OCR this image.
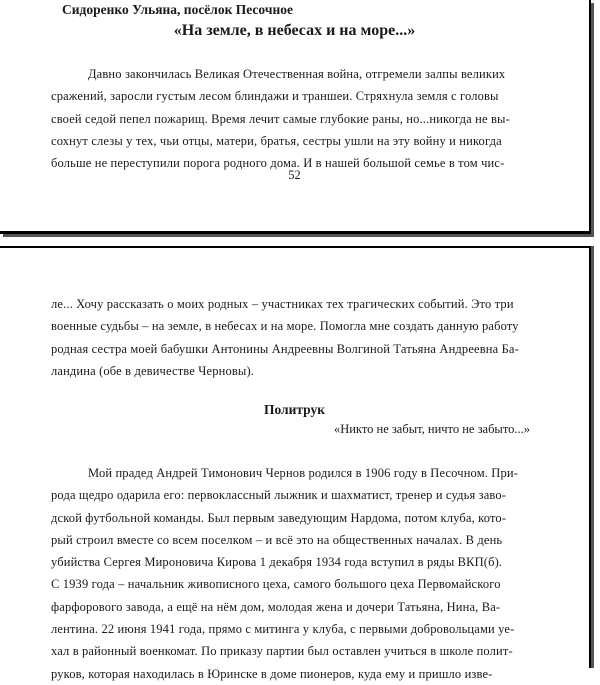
Сидоренко Ульяна, посёлок Песочное
«На земле, в небесах и на море...»
Давно закончилась Великая Отечественная война, отгремели залпы великих
сражений, заросли густым лесом блиндажи и траншеи. Стряхнула земля с головы
своей седой пепел пожарищ. Время лечит самые глубокие раны, но...никогда не вы-
сохнут слезы у тех, чьи отцы, матери, братья, сестры ушли на эту войну и никогда
больше не переступили порога родного дома. И в нашей большой семье в том чис-
52
ле... Хочу рассказать о моих родных – участниках тех трагических событий. Это три
военные судьбы – на земле, в небесах и на море. Помогла мне создать данную работу
родная сестра моей бабушки Антонины Андреевны Волгиной Татьяна Андреевна Ба-
ландина (обе в девичестве Черновы).
Политрук
«Никто не забыт, ничто не забыто...»
Мой прадед Андрей Тимонович Чернов родился в 1906 году в Песочном. При-
рода щедро одарила его: первоклассный лыжник и шахматист, тренер и судья заво-
дской футбольной команды. Был первым заведующим Нардома, потом клуба, кото-
рый строил вместе со всем поселком – и всё это на общественных началах. В день
убийства Сергея Мироновича Кирова 1 декабря 1934 года вступил в ряды ВКП(б).
С 1939 года – начальник живописного цеха, самого большого цеха Первомайского
фарфорового завода, а ещё на нём дом, молодая жена и дочери Татьяна, Нина, Ва-
лентина. 22 июня 1941 года, прямо с митинга у клуба, с первыми добровольцами уе-
хал в районный военкомат. По приказу партии был оставлен учиться в школе полит-
руков, которая находилась в Юринске в доме пионеров, куда ему и пришло изве-
